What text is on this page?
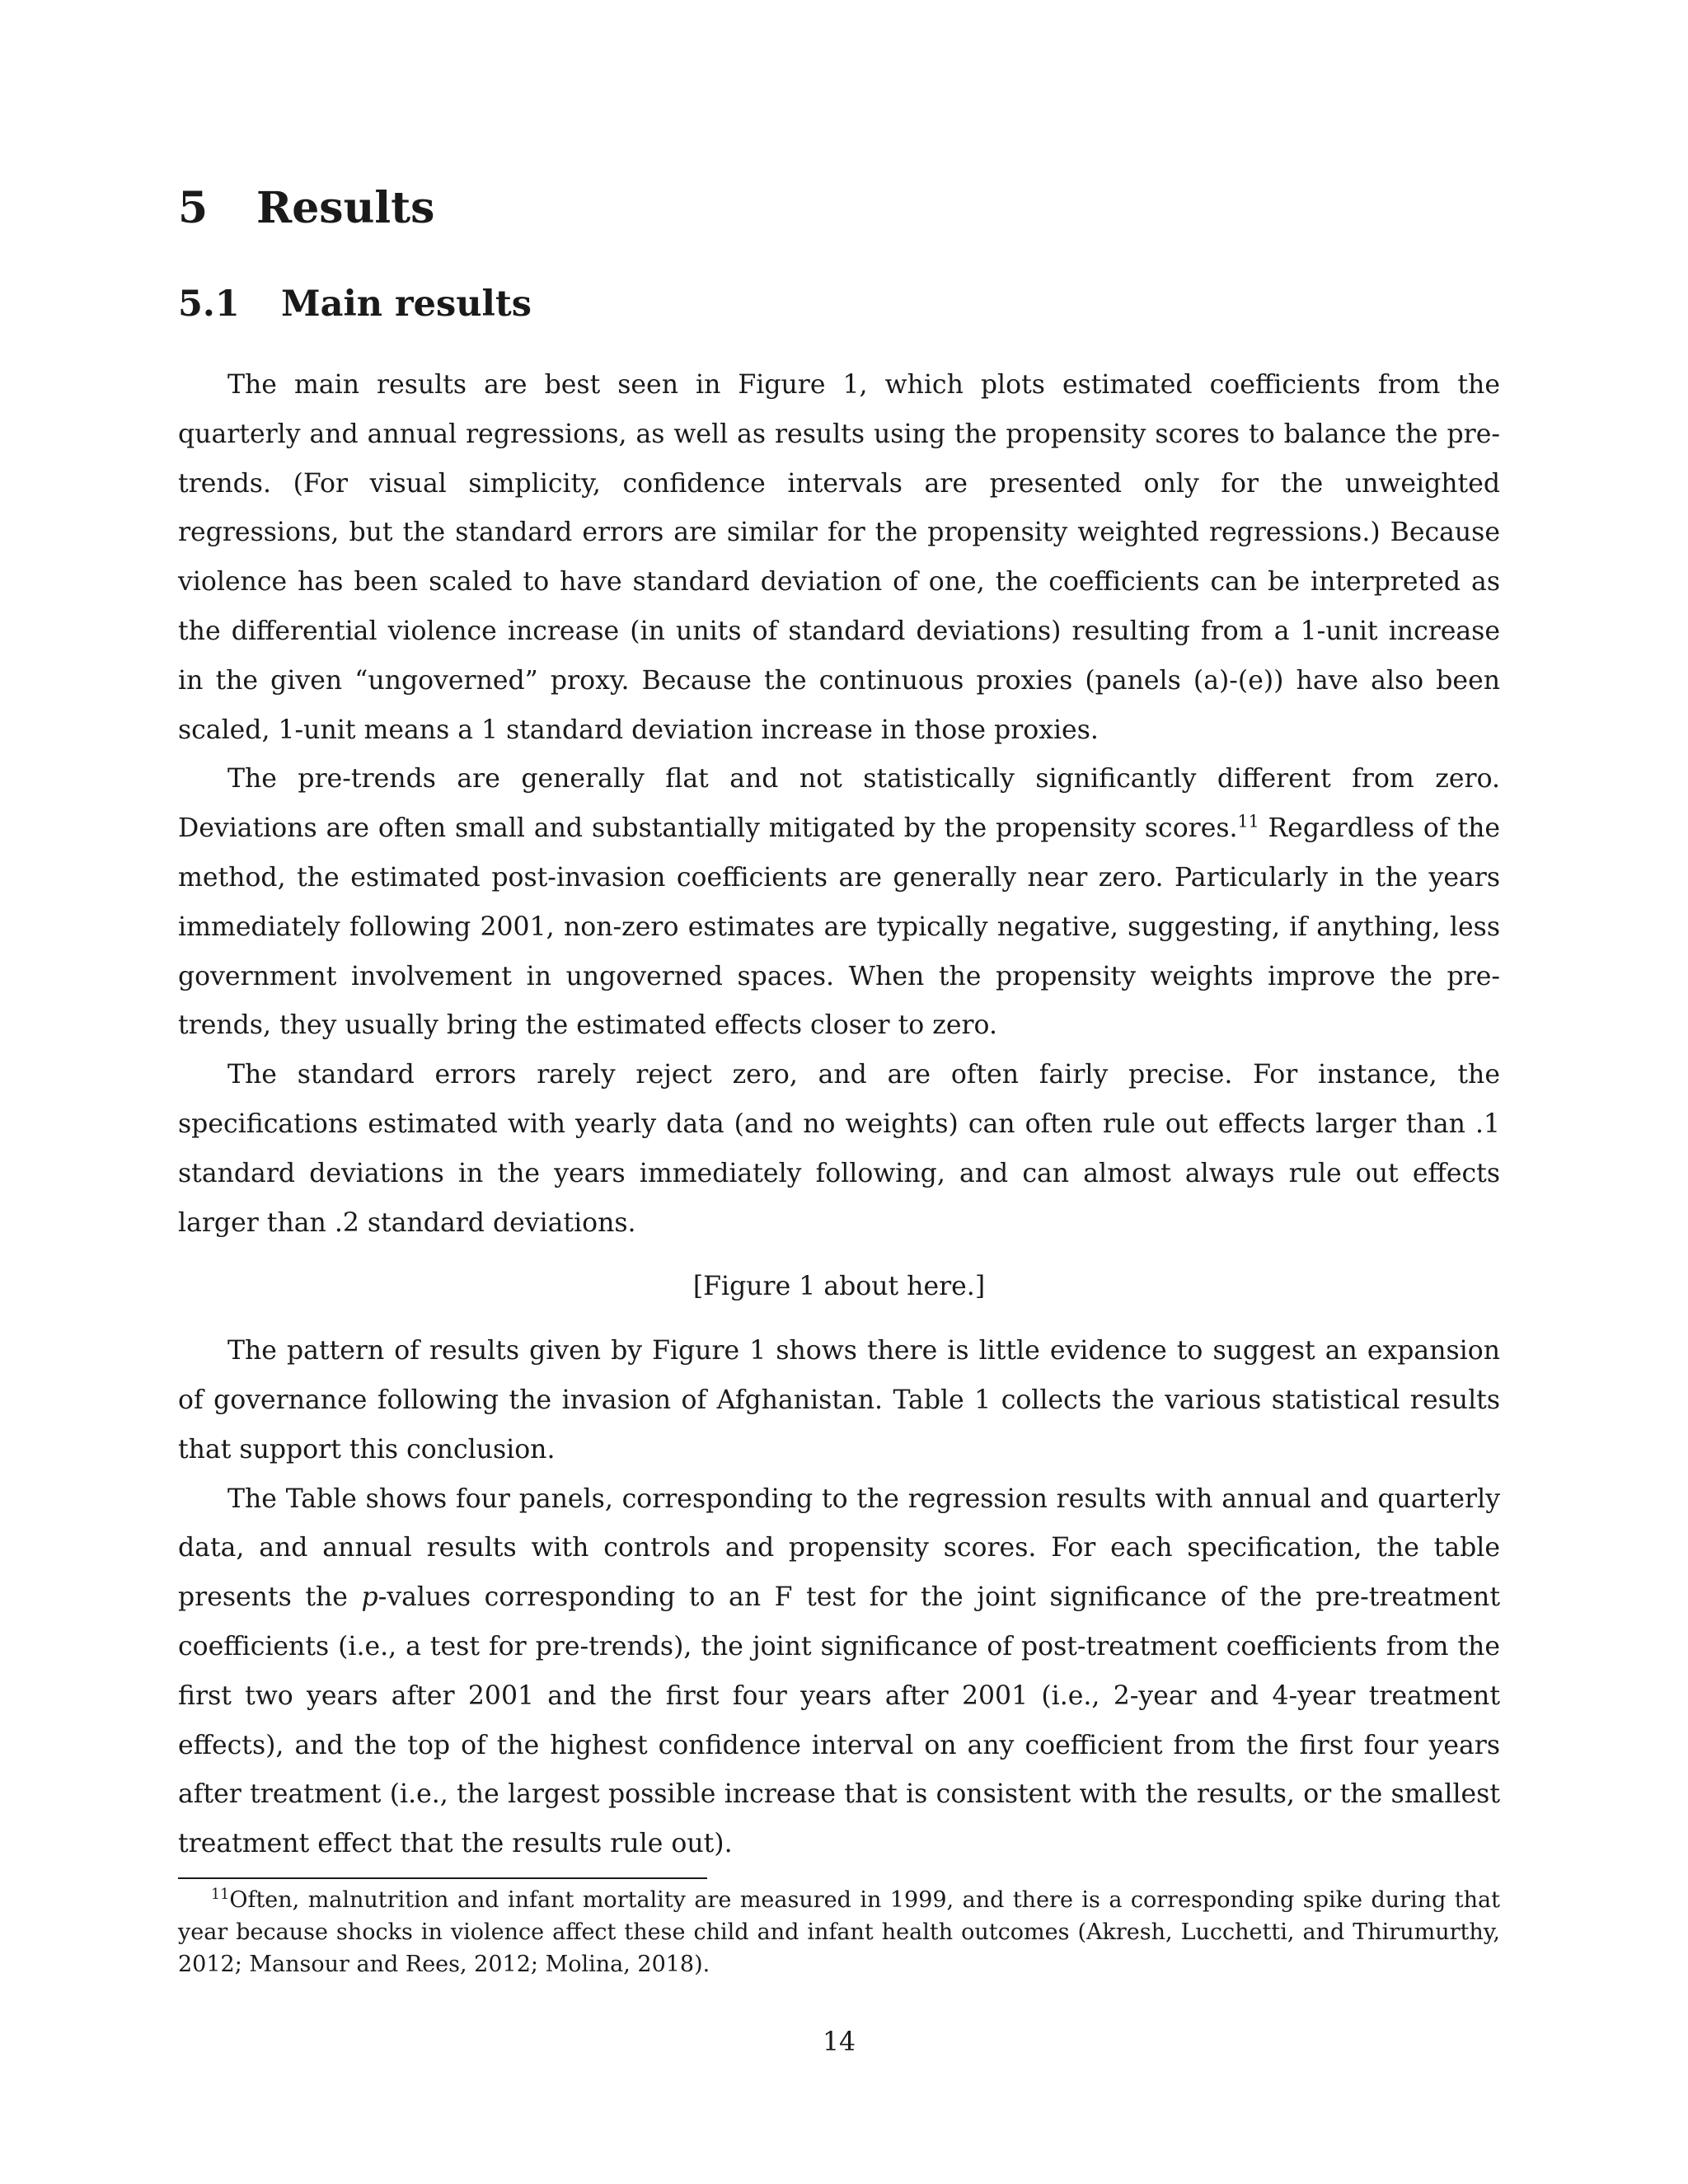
5 Results
5.1 Main results

The main results are best seen in Figure 1, which plots estimated coefficients from the quarterly and annual regressions, as well as results using the propensity scores to balance the pre-trends. (For visual simplicity, confidence intervals are presented only for the unweighted regressions, but the standard errors are similar for the propensity weighted regressions.) Because violence has been scaled to have standard deviation of one, the coefficients can be interpreted as the differential violence increase (in units of standard deviations) resulting from a 1-unit increase in the given “ungoverned” proxy. Because the continuous proxies (panels (a)-(e)) have also been scaled, 1-unit means a 1 standard deviation increase in those proxies.

The pre-trends are generally flat and not statistically significantly different from zero. Deviations are often small and substantially mitigated by the propensity scores.$^{11}$ Regardless of the method, the estimated post-invasion coefficients are generally near zero. Particularly in the years immediately following 2001, non-zero estimates are typically negative, suggesting, if anything, less government involvement in ungoverned spaces. When the propensity weights improve the pre-trends, they usually bring the estimated effects closer to zero.

The standard errors rarely reject zero, and are often fairly precise. For instance, the specifications estimated with yearly data (and no weights) can often rule out effects larger than .1 standard deviations in the years immediately following, and can almost always rule out effects larger than .2 standard deviations.

[Figure 1 about here.]

The pattern of results given by Figure 1 shows there is little evidence to suggest an expansion of governance following the invasion of Afghanistan. Table 1 collects the various statistical results that support this conclusion.

The Table shows four panels, corresponding to the regression results with annual and quarterly data, and annual results with controls and propensity scores. For each specification, the table presents the p-values corresponding to an F test for the joint significance of the pre-treatment coefficients (i.e., a test for pre-trends), the joint significance of post-treatment coefficients from the first two years after 2001 and the first four years after 2001 (i.e., 2-year and 4-year treatment effects), and the top of the highest confidence interval on any coefficient from the first four years after treatment (i.e., the largest possible increase that is consistent with the results, or the smallest treatment effect that the results rule out).

$^{11}$Often, malnutrition and infant mortality are measured in 1999, and there is a corresponding spike during that year because shocks in violence affect these child and infant health outcomes (Akresh, Lucchetti, and Thirumurthy, 2012; Mansour and Rees, 2012; Molina, 2018).

14
